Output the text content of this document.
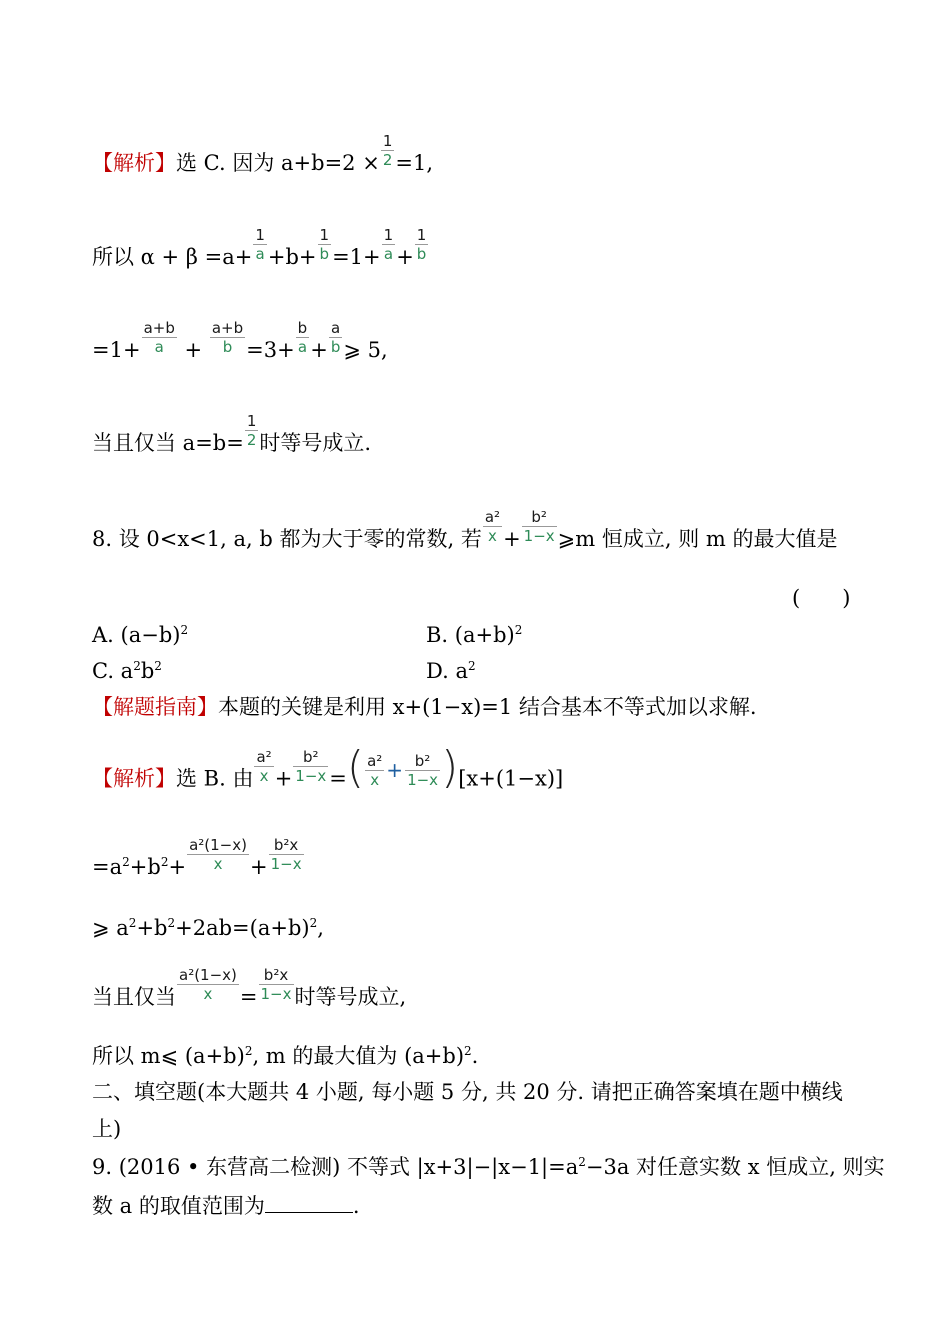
【解析】选 C. 因为 $a+b=2 \times \frac{1}{2} =1$,
所以 $\alpha + \beta =a+ \frac{1}{a} +b+ \frac{1}{b} =1+ \frac{1}{a} + \frac{1}{b}$
$=1+ \frac{a+b}{a} + \frac{a+b}{b} =3+ \frac{b}{a} + \frac{a}{b}$ ⩾ 5,
当且仅当 $a=b= \frac{1}{2}$ 时等号成立.
8. 设 0<x<1, a, b 都为大于零的常数, 若 $\frac{\text{a²}}{x} + \frac{\text{b²}}{1-x}$ ⩾m 恒成立, 则 m 的最大值是
(　　)
A. $(a-b)^2$	B. $(a+b)^2$
C. $a^2b^2$	D. $a^2$
【解题指南】本题的关键是利用 x+(1−x)=1 结合基本不等式加以求解.
【解析】选 B. 由 $\frac{\text{a²}}{x} + \frac{\text{b²}}{1-x}$ =( $\frac{\text{a²}}{x} + \frac{\text{b²}}{1-x} )[x+(1-x)]$
$=a^2+b^2+ \frac{\text{a²(1−x)}}{x} + \frac{\text{b²x}}{1-x}$
⩾ $a^2+b^2+2ab=(a+b)^2$,
当且仅当 $\frac{\text{a²(1−x)}}{x} = \frac{\text{b²x}}{1-x}$ 时等号成立,
所以 m⩽ $(a+b)^2$, m 的最大值为 $(a+b)^2$.
二、填空题(本大题共 4 小题, 每小题 5 分, 共 20 分. 请把正确答案填在题中横线
上)
9. (2016 • 东营高二检测) 不等式 $|x+3|-|x-1|=a^2-3a$ 对任意实数 x 恒成立, 则实
数 a 的取值范围为	.
